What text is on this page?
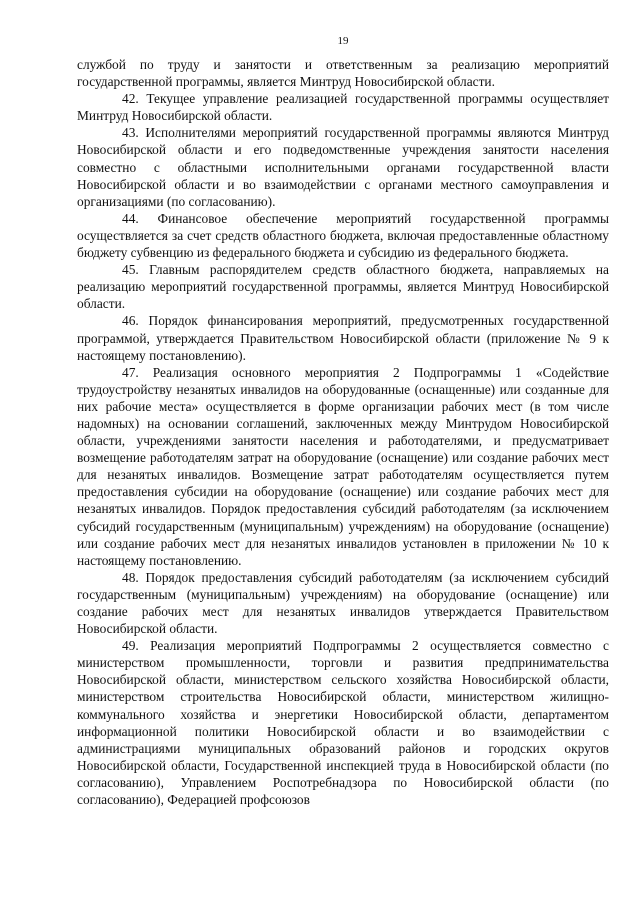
19

службой по труду и занятости и ответственным за реализацию мероприятий государственной программы, является Минтруд Новосибирской области.

42. Текущее управление реализацией государственной программы осуществляет Минтруд Новосибирской области.

43. Исполнителями мероприятий государственной программы являются Минтруд Новосибирской области и его подведомственные учреждения занятости населения совместно с областными исполнительными органами государственной власти Новосибирской области и во взаимодействии с органами местного самоуправления и организациями (по согласованию).

44. Финансовое обеспечение мероприятий государственной программы осуществляется за счет средств областного бюджета, включая предоставленные областному бюджету субвенцию из федерального бюджета и субсидию из федерального бюджета.

45. Главным распорядителем средств областного бюджета, направляемых на реализацию мероприятий государственной программы, является Минтруд Новосибирской области.

46. Порядок финансирования мероприятий, предусмотренных государственной программой, утверждается Правительством Новосибирской области (приложение № 9 к настоящему постановлению).

47. Реализация основного мероприятия 2 Подпрограммы 1 «Содействие трудоустройству незанятых инвалидов на оборудованные (оснащенные) или созданные для них рабочие места» осуществляется в форме организации рабочих мест (в том числе надомных) на основании соглашений, заключенных между Минтрудом Новосибирской области, учреждениями занятости населения и работодателями, и предусматривает возмещение работодателям затрат на оборудование (оснащение) или создание рабочих мест для незанятых инвалидов. Возмещение затрат работодателям осуществляется путем предоставления субсидии на оборудование (оснащение) или создание рабочих мест для незанятых инвалидов. Порядок предоставления субсидий работодателям (за исключением субсидий государственным (муниципальным) учреждениям) на оборудование (оснащение) или создание рабочих мест для незанятых инвалидов установлен в приложении № 10 к настоящему постановлению.

48. Порядок предоставления субсидий работодателям (за исключением субсидий государственным (муниципальным) учреждениям) на оборудование (оснащение) или создание рабочих мест для незанятых инвалидов утверждается Правительством Новосибирской области.

49. Реализация мероприятий Подпрограммы 2 осуществляется совместно с министерством промышленности, торговли и развития предпринимательства Новосибирской области, министерством сельского хозяйства Новосибирской области, министерством строительства Новосибирской области, министерством жилищно-коммунального хозяйства и энергетики Новосибирской области, департаментом информационной политики Новосибирской области и во взаимодействии с администрациями муниципальных образований районов и городских округов Новосибирской области, Государственной инспекцией труда в Новосибирской области (по согласованию), Управлением Роспотребнадзора по Новосибирской области (по согласованию), Федерацией профсоюзов
